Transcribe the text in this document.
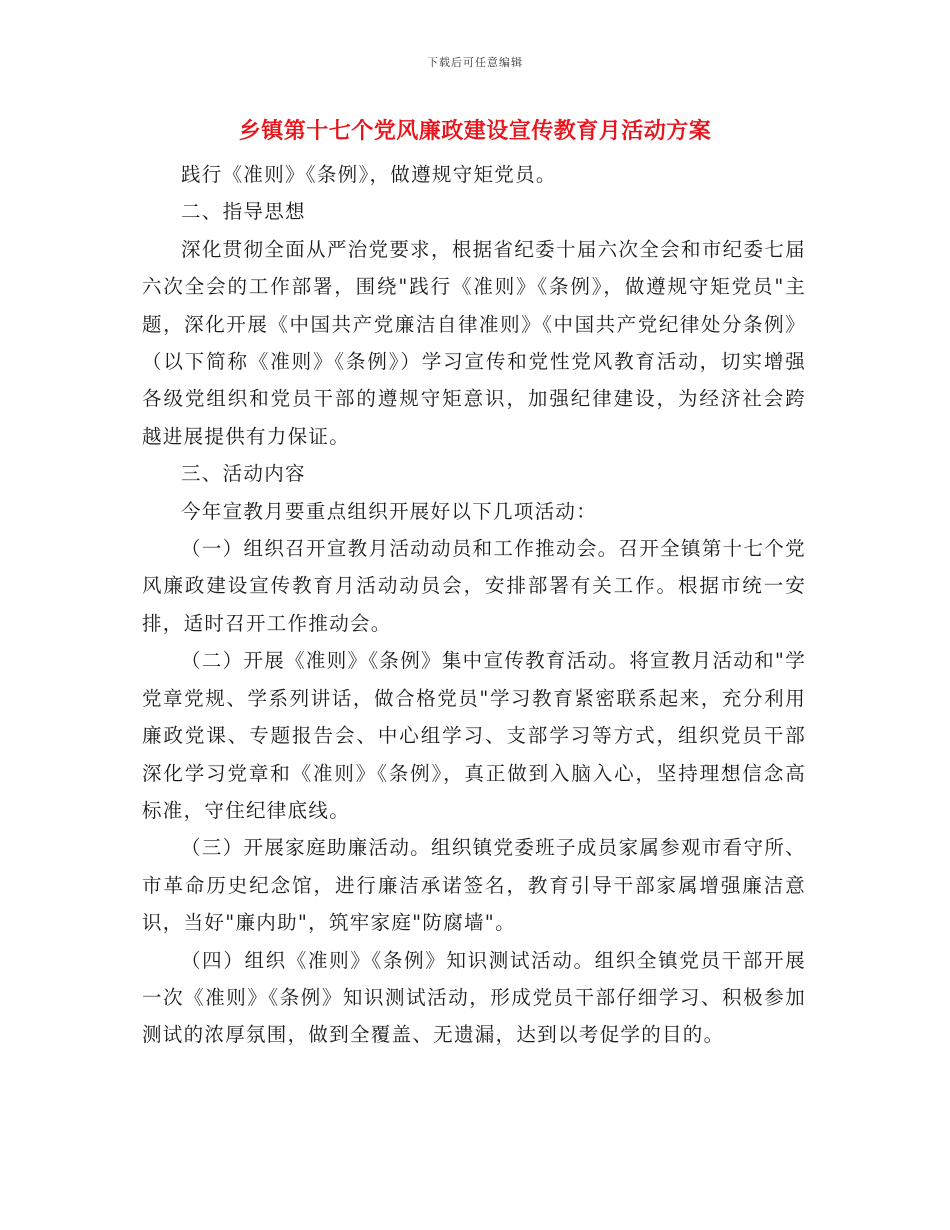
下载后可任意编辑
乡镇第十七个党风廉政建设宣传教育月活动方案

践行《准则》《条例》，做遵规守矩党员。

二、指导思想

深化贯彻全面从严治党要求，根据省纪委十届六次全会和市纪委七届六次全会的工作部署，围绕"践行《准则》《条例》，做遵规守矩党员"主题，深化开展《中国共产党廉洁自律准则》《中国共产党纪律处分条例》（以下简称《准则》《条例》）学习宣传和党性党风教育活动，切实增强各级党组织和党员干部的遵规守矩意识，加强纪律建设，为经济社会跨越进展提供有力保证。

三、活动内容

今年宣教月要重点组织开展好以下几项活动：

（一）组织召开宣教月活动动员和工作推动会。召开全镇第十七个党风廉政建设宣传教育月活动动员会，安排部署有关工作。根据市统一安排，适时召开工作推动会。

（二）开展《准则》《条例》集中宣传教育活动。将宣教月活动和"学党章党规、学系列讲话，做合格党员"学习教育紧密联系起来，充分利用廉政党课、专题报告会、中心组学习、支部学习等方式，组织党员干部深化学习党章和《准则》《条例》，真正做到入脑入心，坚持理想信念高标准，守住纪律底线。

（三）开展家庭助廉活动。组织镇党委班子成员家属参观市看守所、市革命历史纪念馆，进行廉洁承诺签名，教育引导干部家属增强廉洁意识，当好"廉内助"，筑牢家庭"防腐墙"。

（四）组织《准则》《条例》知识测试活动。组织全镇党员干部开展一次《准则》《条例》知识测试活动，形成党员干部仔细学习、积极参加测试的浓厚氛围，做到全覆盖、无遗漏，达到以考促学的目的。
